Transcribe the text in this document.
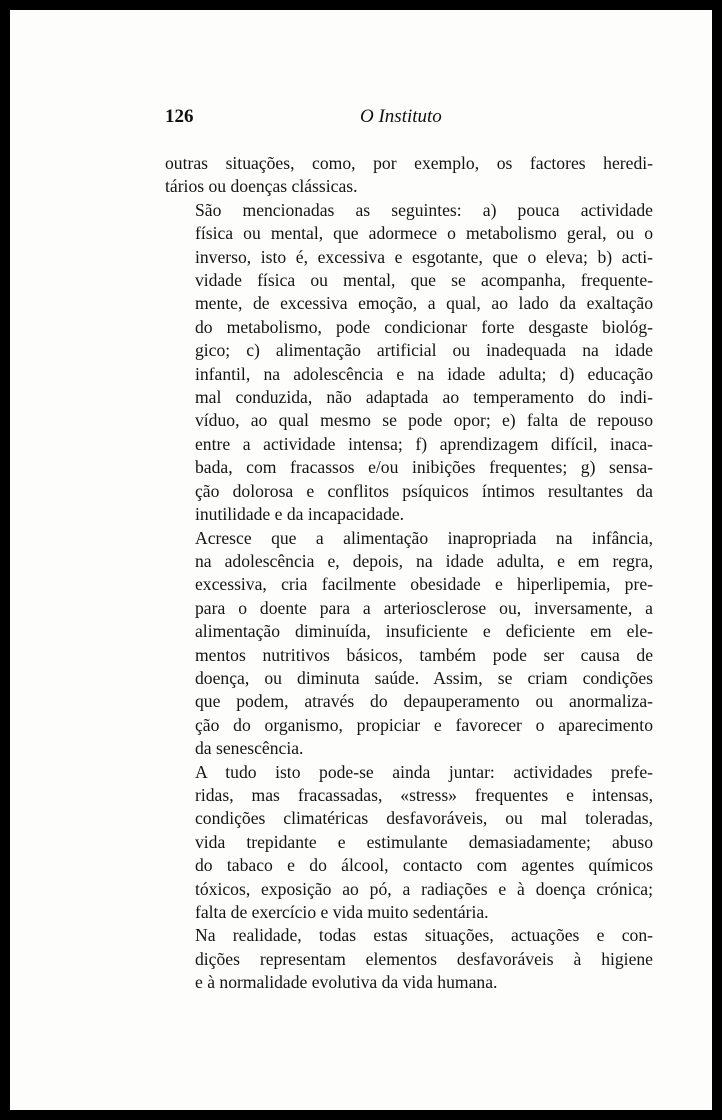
126	O Instituto

outras situações, como, por exemplo, os factores heredi-
tários ou doenças clássicas.

São mencionadas as seguintes: a) pouca actividade
física ou mental, que adormece o metabolismo geral, ou o
inverso, isto é, excessiva e esgotante, que o eleva; b) acti-
vidade física ou mental, que se acompanha, frequente-
mente, de excessiva emoção, a qual, ao lado da exaltação
do metabolismo, pode condicionar forte desgaste biológ-
gico; c) alimentação artificial ou inadequada na idade
infantil, na adolescência e na idade adulta; d) educação
mal conduzida, não adaptada ao temperamento do indi-
víduo, ao qual mesmo se pode opor; e) falta de repouso
entre a actividade intensa; f) aprendizagem difícil, inaca-
bada, com fracassos e/ou inibições frequentes; g) sensa-
ção dolorosa e conflitos psíquicos íntimos resultantes da
inutilidade e da incapacidade.

Acresce que a alimentação inapropriada na infância,
na adolescência e, depois, na idade adulta, e em regra,
excessiva, cria facilmente obesidade e hiperlipemia, pre-
para o doente para a arteriosclerose ou, inversamente, a
alimentação diminuída, insuficiente e deficiente em ele-
mentos nutritivos básicos, também pode ser causa de
doença, ou diminuta saúde. Assim, se criam condições
que podem, através do depauperamento ou anormaliza-
ção do organismo, propiciar e favorecer o aparecimento
da senescência.

A tudo isto pode-se ainda juntar: actividades prefe-
ridas, mas fracassadas, «stress» frequentes e intensas,
condições climatéricas desfavoráveis, ou mal toleradas,
vida trepidante e estimulante demasiadamente; abuso
do tabaco e do álcool, contacto com agentes químicos
tóxicos, exposição ao pó, a radiações e à doença crónica;
falta de exercício e vida muito sedentária.

Na realidade, todas estas situações, actuações e con-
dições representam elementos desfavoráveis à higiene
e à normalidade evolutiva da vida humana.
